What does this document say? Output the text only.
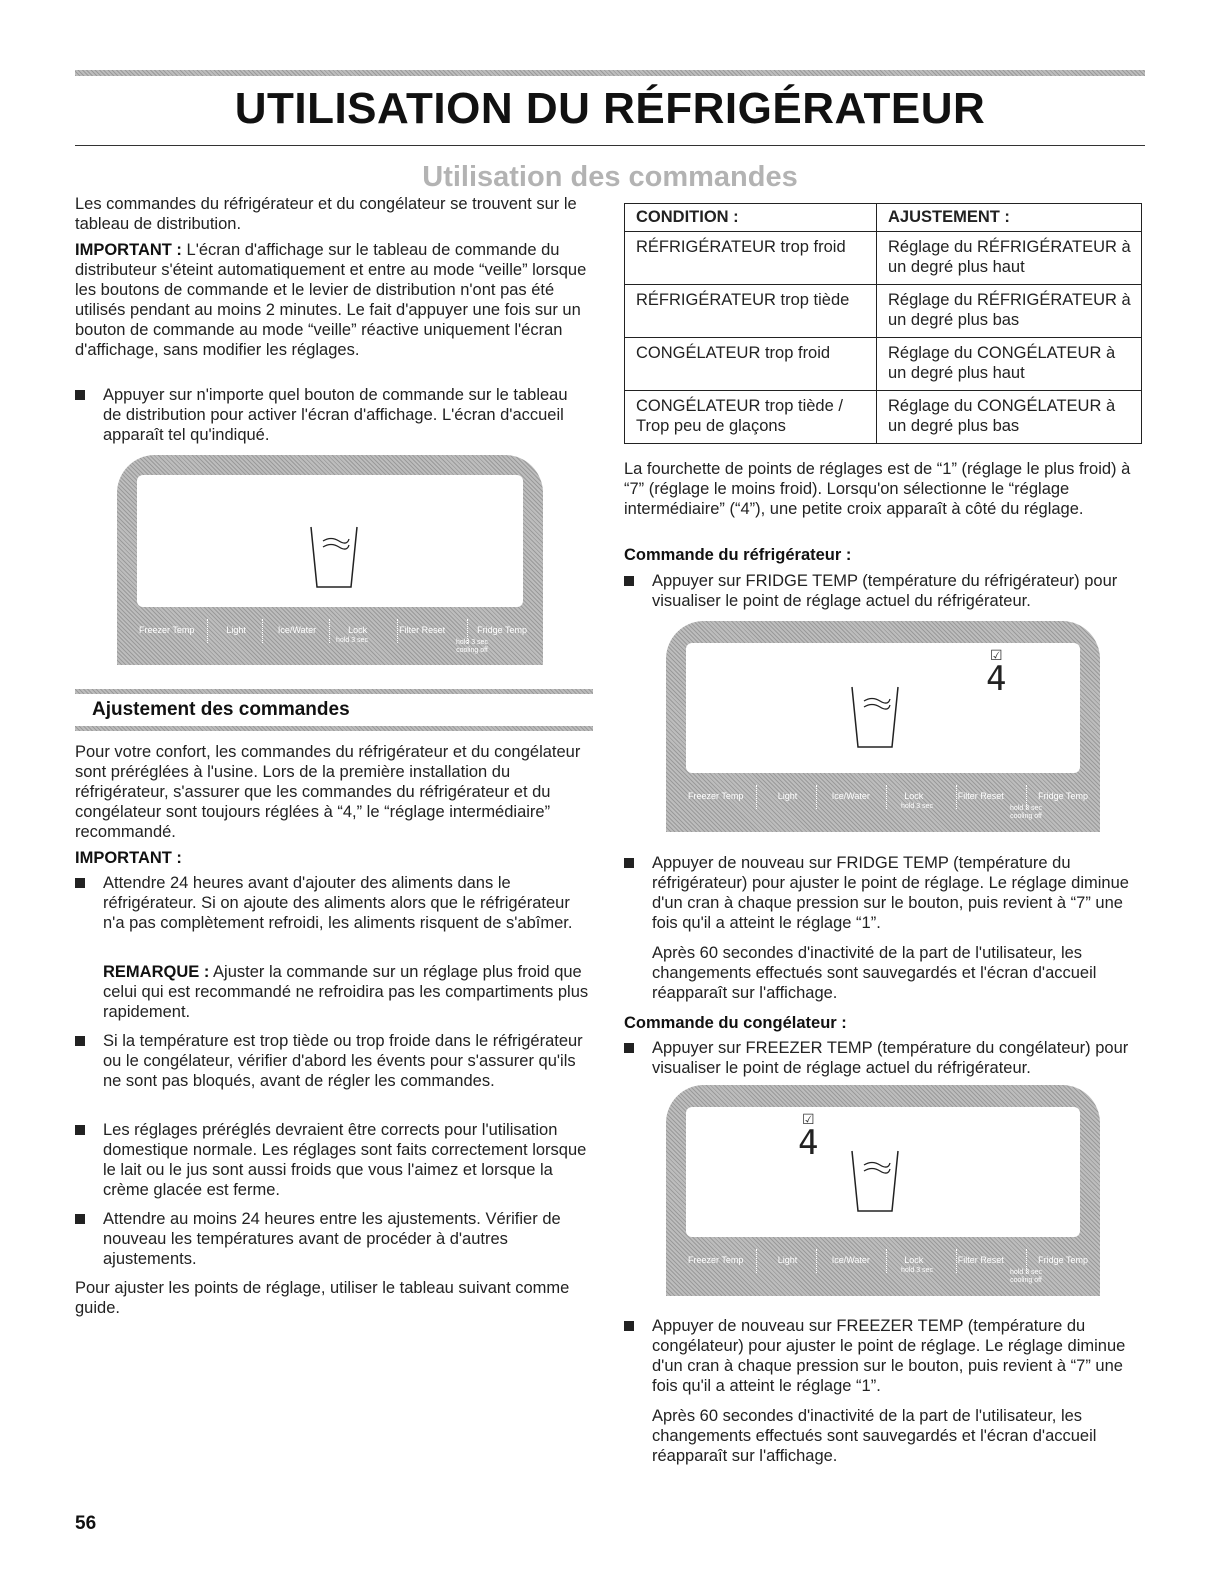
UTILISATION DU RÉFRIGÉRATEUR
Utilisation des commandes

Les commandes du réfrigérateur et du congélateur se trouvent sur le tableau de distribution.

IMPORTANT : L'écran d'affichage sur le tableau de commande du distributeur s'éteint automatiquement et entre au mode “veille” lorsque les boutons de commande et le levier de distribution n'ont pas été utilisés pendant au moins 2 minutes. Le fait d'appuyer une fois sur un bouton de commande au mode “veille” réactive uniquement l'écran d'affichage, sans modifier les réglages.

Appuyer sur n'importe quel bouton de commande sur le tableau de distribution pour activer l'écran d'affichage. L'écran d'accueil apparaît tel qu'indiqué.

Freezer Temp	Light	Ice/Water	Lock	Filter Reset	Fridge Temp
hold 3 sec	hold 3 sec
cooling off
Ajustement des commandes

Pour votre confort, les commandes du réfrigérateur et du congélateur sont préréglées à l'usine. Lors de la première installation du réfrigérateur, s'assurer que les commandes du réfrigérateur et du congélateur sont toujours réglées à “4,” le “réglage intermédiaire” recommandé.

IMPORTANT :

Attendre 24 heures avant d'ajouter des aliments dans le réfrigérateur. Si on ajoute des aliments alors que le réfrigérateur n'a pas complètement refroidi, les aliments risquent de s'abîmer.

REMARQUE : Ajuster la commande sur un réglage plus froid que celui qui est recommandé ne refroidira pas les compartiments plus rapidement.

Si la température est trop tiède ou trop froide dans le réfrigérateur ou le congélateur, vérifier d'abord les évents pour s'assurer qu'ils ne sont pas bloqués, avant de régler les commandes.

Les réglages préréglés devraient être corrects pour l'utilisation domestique normale. Les réglages sont faits correctement lorsque le lait ou le jus sont aussi froids que vous l'aimez et lorsque la crème glacée est ferme.

Attendre au moins 24 heures entre les ajustements. Vérifier de nouveau les températures avant de procéder à d'autres ajustements.

Pour ajuster les points de réglage, utiliser le tableau suivant comme guide.

CONDITION :	AJUSTEMENT :
RÉFRIGÉRATEUR trop froid	Réglage du RÉFRIGÉRATEUR à un degré plus haut
RÉFRIGÉRATEUR trop tiède	Réglage du RÉFRIGÉRATEUR à un degré plus bas
CONGÉLATEUR trop froid	Réglage du CONGÉLATEUR à un degré plus haut
CONGÉLATEUR trop tiède / Trop peu de glaçons	Réglage du CONGÉLATEUR à un degré plus bas

La fourchette de points de réglages est de “1” (réglage le plus froid) à “7” (réglage le moins froid). Lorsqu'on sélectionne le “réglage intermédiaire” (“4”), une petite croix apparaît à côté du réglage.

Commande du réfrigérateur :

Appuyer sur FRIDGE TEMP (température du réfrigérateur) pour visualiser le point de réglage actuel du réfrigérateur.

☑
4
Freezer Temp	Light	Ice/Water	Lock	Filter Reset	Fridge Temp
hold 3 sec	hold 3 sec
cooling off

Appuyer de nouveau sur FRIDGE TEMP (température du réfrigérateur) pour ajuster le point de réglage. Le réglage diminue d'un cran à chaque pression sur le bouton, puis revient à “7” une fois qu'il a atteint le réglage “1”.

Après 60 secondes d'inactivité de la part de l'utilisateur, les changements effectués sont sauvegardés et l'écran d'accueil réapparaît sur l'affichage.

Commande du congélateur :

Appuyer sur FREEZER TEMP (température du congélateur) pour visualiser le point de réglage actuel du réfrigérateur.

☑
4
Freezer Temp	Light	Ice/Water	Lock	Filter Reset	Fridge Temp
hold 3 sec	hold 3 sec
cooling off

Appuyer de nouveau sur FREEZER TEMP (température du congélateur) pour ajuster le point de réglage. Le réglage diminue d'un cran à chaque pression sur le bouton, puis revient à “7” une fois qu'il a atteint le réglage “1”.

Après 60 secondes d'inactivité de la part de l'utilisateur, les changements effectués sont sauvegardés et l'écran d'accueil réapparaît sur l'affichage.

56
